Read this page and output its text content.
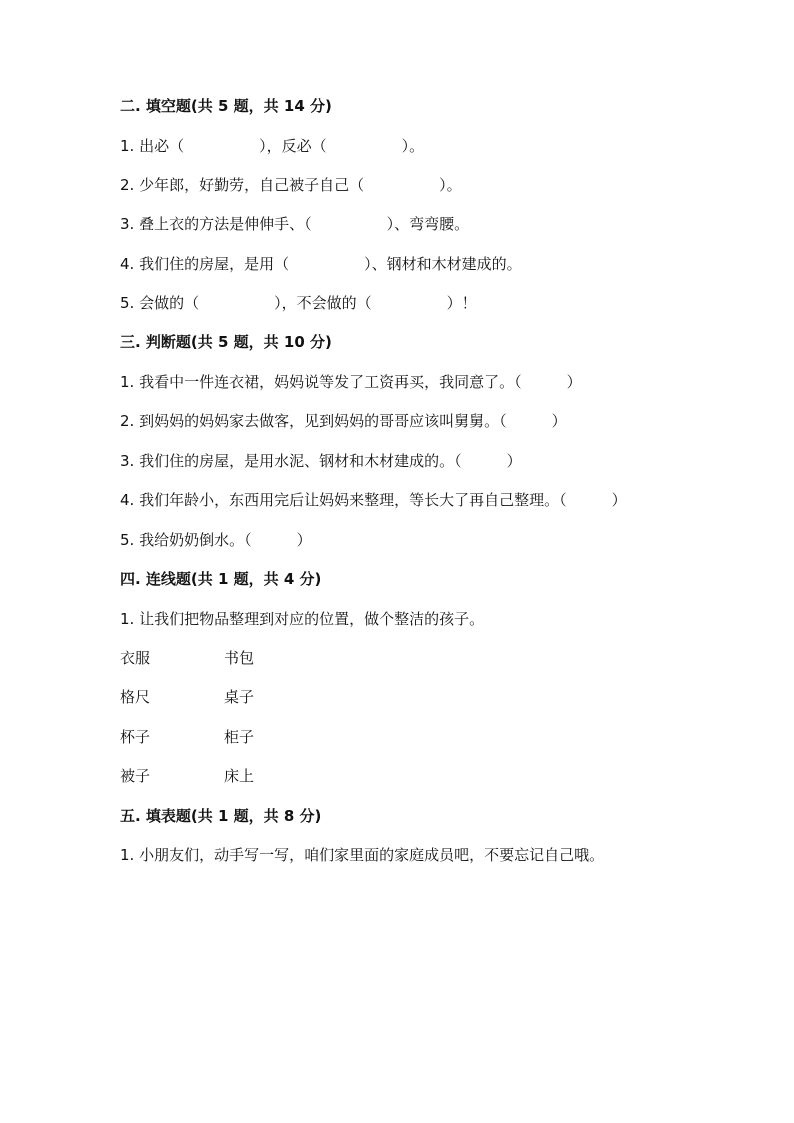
二. 填空题(共 5 题，共 14 分)
1. 出必（　　　　　），反必（　　　　　）。
2. 少年郎，好勤劳，自己被子自己（　　　　　）。
3. 叠上衣的方法是伸伸手、（　　　　　）、弯弯腰。
4. 我们住的房屋，是用（　　　　　）、钢材和木材建成的。
5. 会做的（　　　　　），不会做的（　　　　　）！
三. 判断题(共 5 题，共 10 分)
1. 我看中一件连衣裙，妈妈说等发了工资再买，我同意了。（　　　）
2. 到妈妈的妈妈家去做客，见到妈妈的哥哥应该叫舅舅。（　　　）
3. 我们住的房屋，是用水泥、钢材和木材建成的。（　　　）
4. 我们年龄小，东西用完后让妈妈来整理，等长大了再自己整理。（　　　）
5. 我给奶奶倒水。（　　　）
四. 连线题(共 1 题，共 4 分)
1. 让我们把物品整理到对应的位置，做个整洁的孩子。
衣服	书包
格尺	桌子
杯子	柜子
被子	床上
五. 填表题(共 1 题，共 8 分)
1. 小朋友们，动手写一写，咱们家里面的家庭成员吧，不要忘记自己哦。
